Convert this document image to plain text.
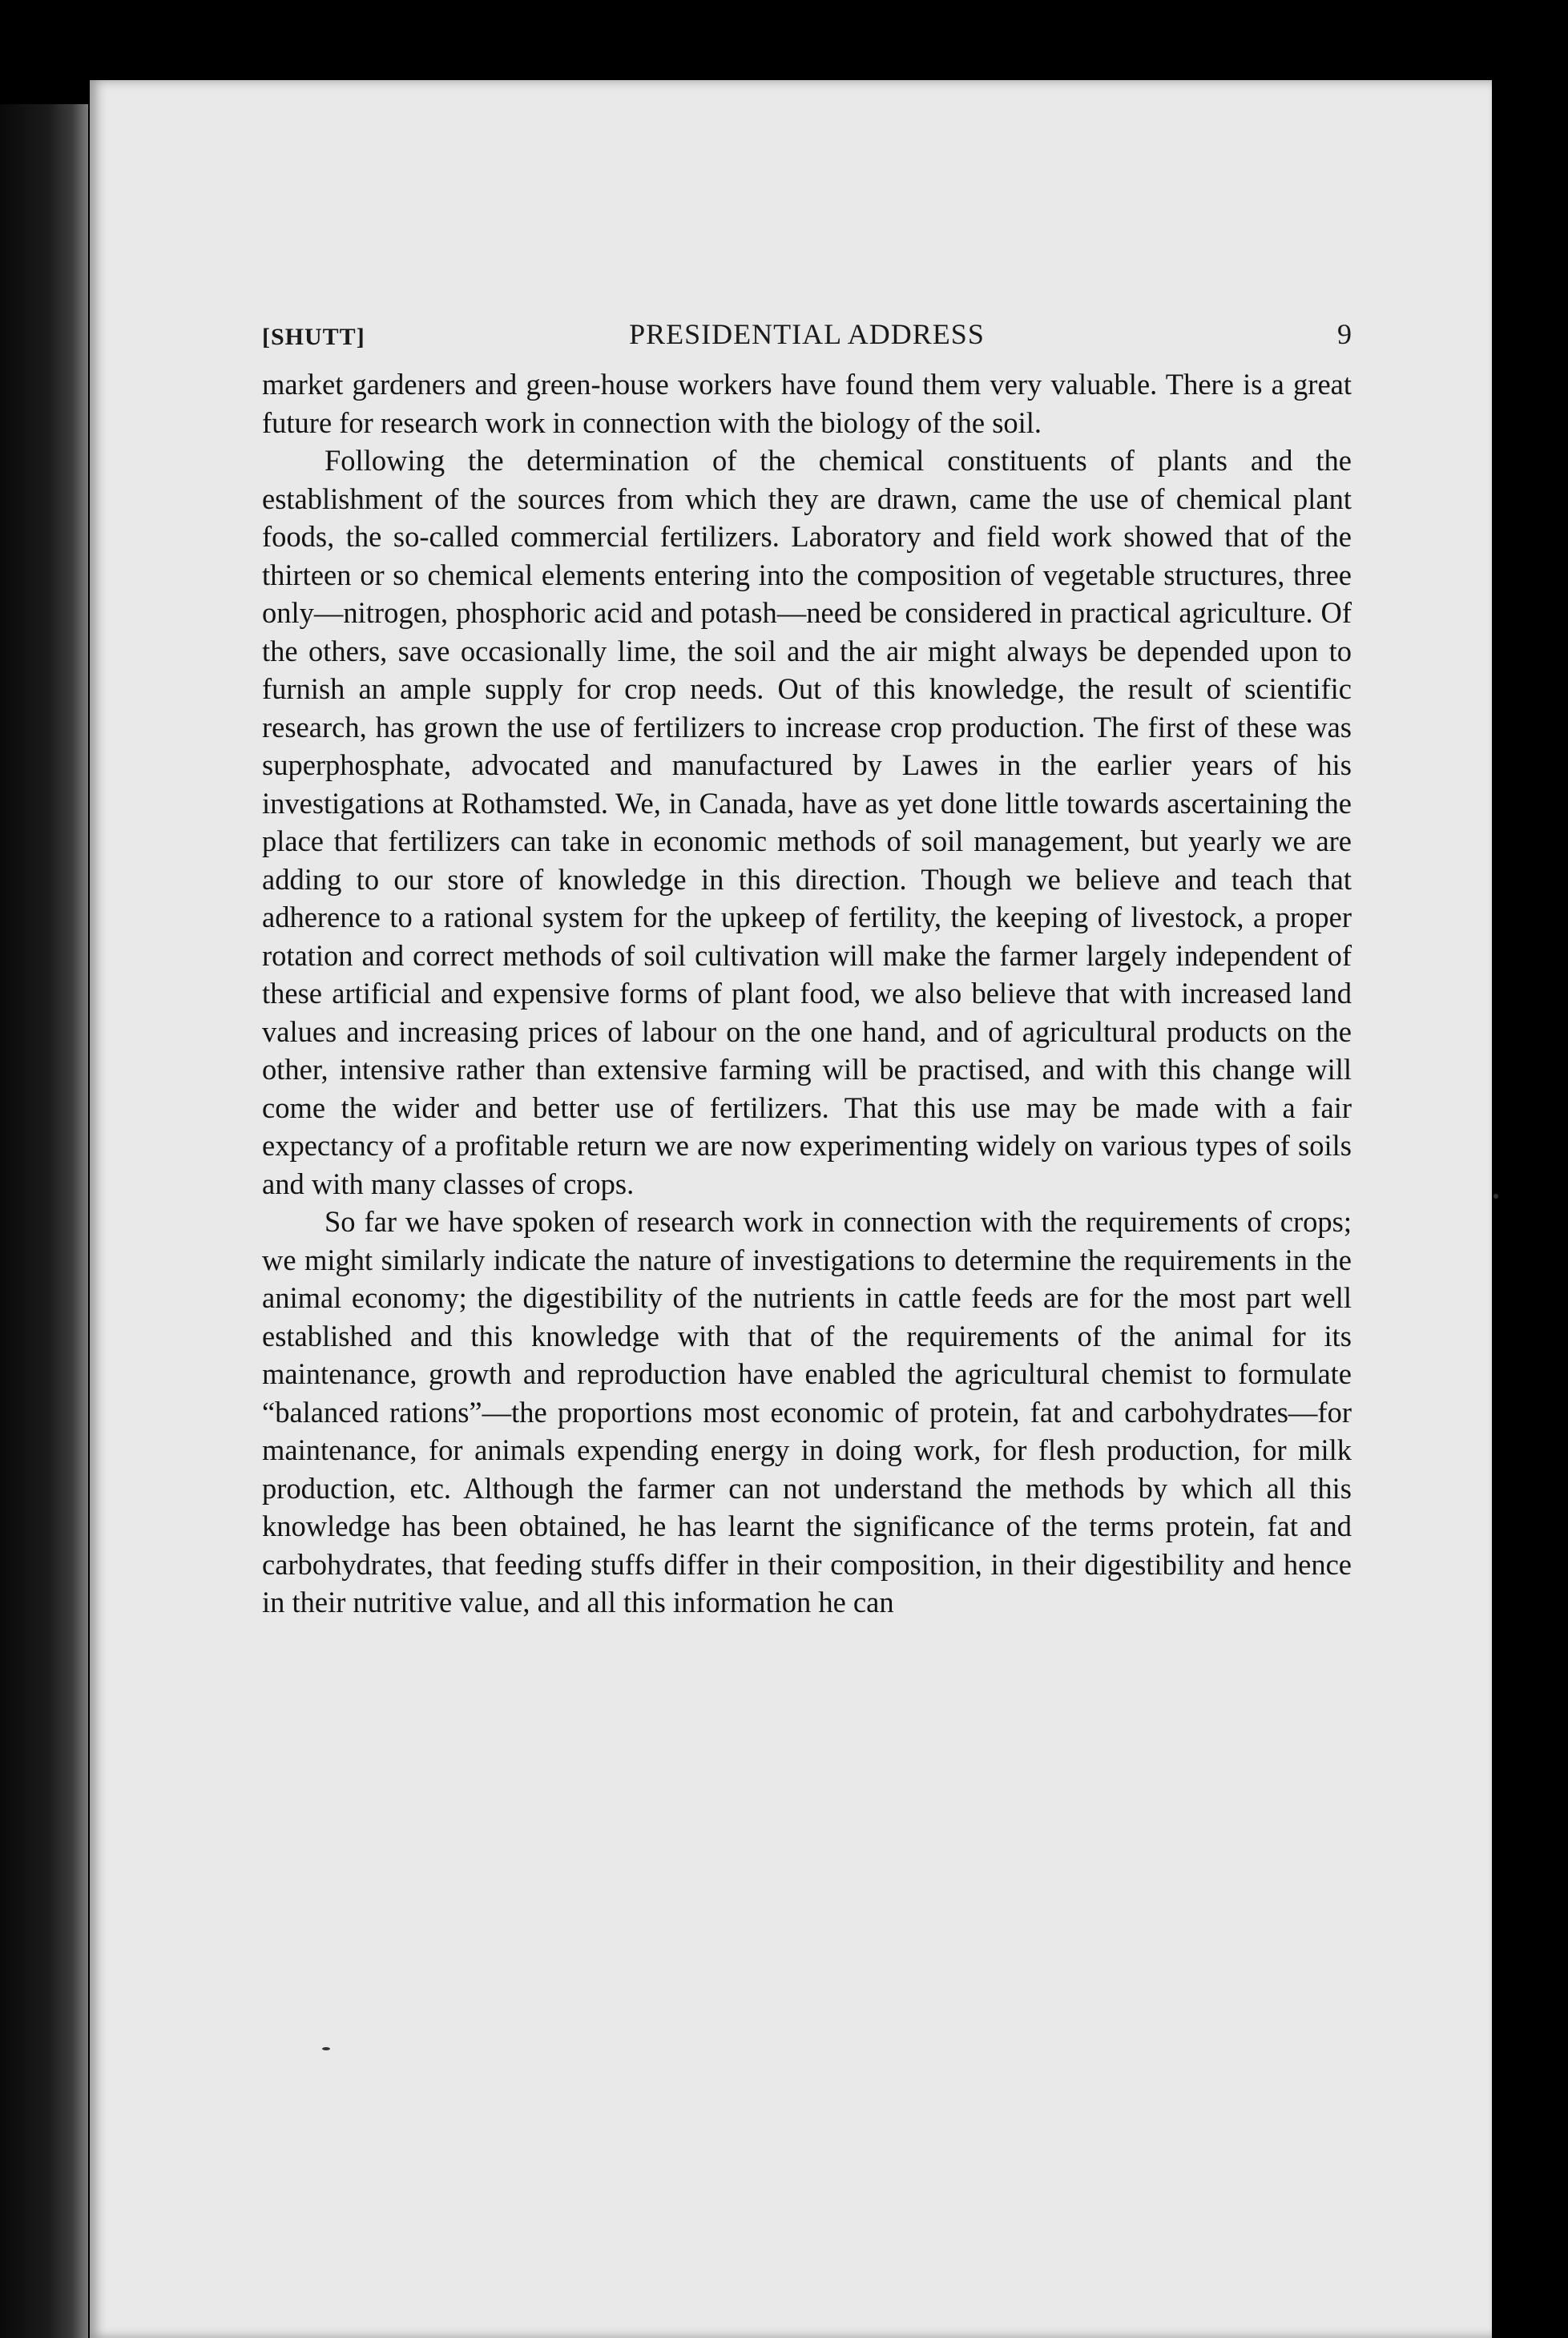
[SHUTT]	PRESIDENTIAL ADDRESS	9

market gardeners and green-house workers have found them very valuable. There is a great future for research work in connection with the biology of the soil.

Following the determination of the chemical constituents of plants and the establishment of the sources from which they are drawn, came the use of chemical plant foods, the so-called commercial fertilizers. Laboratory and field work showed that of the thirteen or so chemical elements entering into the composition of vegetable structures, three only—nitrogen, phosphoric acid and potash—need be considered in practical agriculture. Of the others, save occasionally lime, the soil and the air might always be depended upon to furnish an ample supply for crop needs. Out of this knowledge, the result of scientific research, has grown the use of fertilizers to increase crop production. The first of these was superphosphate, advocated and manufactured by Lawes in the earlier years of his investigations at Rothamsted. We, in Canada, have as yet done little towards ascertaining the place that fertilizers can take in economic methods of soil management, but yearly we are adding to our store of knowledge in this direction. Though we believe and teach that adherence to a rational system for the upkeep of fertility, the keeping of livestock, a proper rotation and correct methods of soil cultivation will make the farmer largely independent of these artificial and expensive forms of plant food, we also believe that with increased land values and increasing prices of labour on the one hand, and of agricultural products on the other, intensive rather than extensive farming will be practised, and with this change will come the wider and better use of fertilizers. That this use may be made with a fair expectancy of a profitable return we are now experimenting widely on various types of soils and with many classes of crops.

So far we have spoken of research work in connection with the requirements of crops; we might similarly indicate the nature of investigations to determine the requirements in the animal economy; the digestibility of the nutrients in cattle feeds are for the most part well established and this knowledge with that of the requirements of the animal for its maintenance, growth and reproduction have enabled the agricultural chemist to formulate “balanced rations”—the proportions most economic of protein, fat and carbohydrates—for maintenance, for animals expending energy in doing work, for flesh production, for milk production, etc. Although the farmer can not understand the methods by which all this knowledge has been obtained, he has learnt the significance of the terms protein, fat and carbohydrates, that feeding stuffs differ in their composition, in their digestibility and hence in their nutritive value, and all this information he can
